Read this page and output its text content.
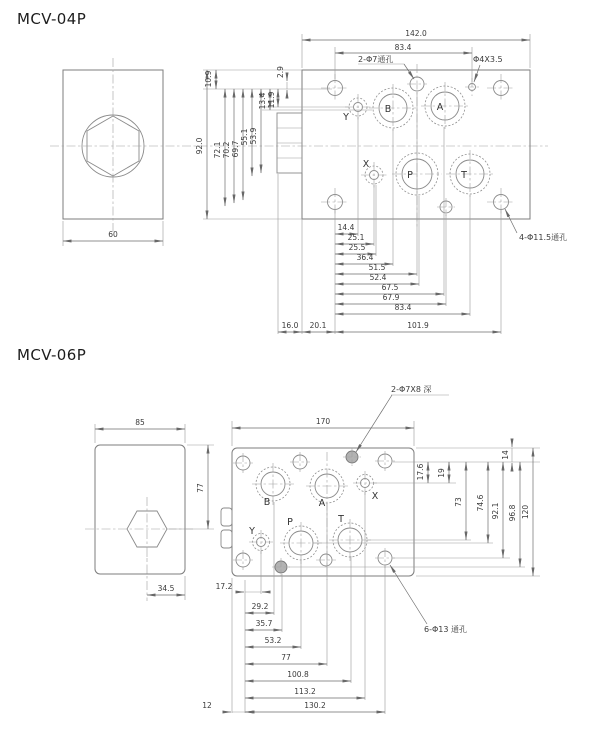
MCV-04P
60
Y
B	A
X
P	T
142.0
83.4
2-Φ7通孔	Φ4X3.5
92.0 72.1 70.2 69.7
55.1 53.9
10.9
13.4 11.9
2.9
14.4
25.1
25.5
36.4
51.5
52.4
67.5
67.9
83.4
101.9
16.0 20.1
4-Φ11.5通孔
MCV-06P
85
77
34.5
B	A
X
Y
P	T
170
2-Φ7X8 深
14
17.6 19
73 74.6 92.1 96.8 120
17.2
29.2
35.7
53.2
77
100.8
113.2
130.2
12
6-Φ13 通孔
